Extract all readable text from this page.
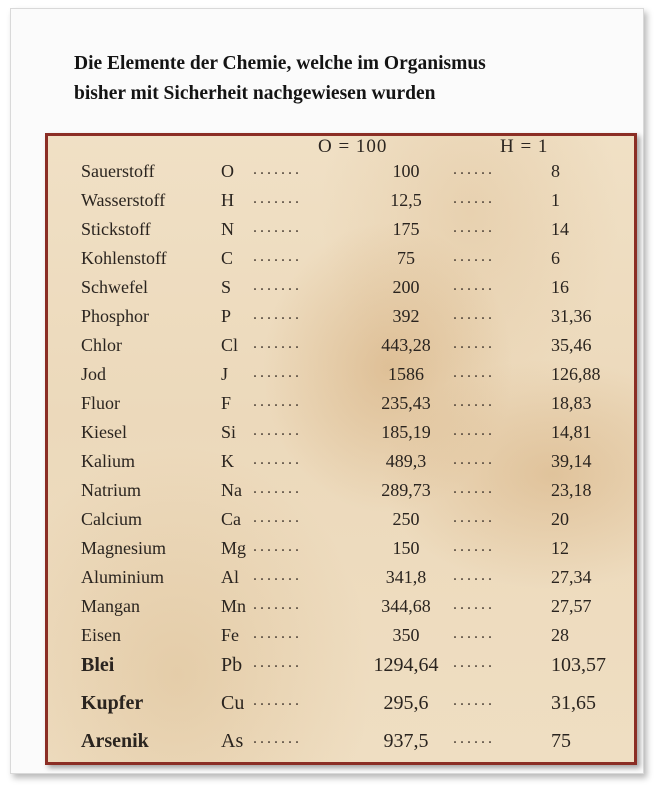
Die Elemente der Chemie, welche im Organismus
bisher mit Sicherheit nachgewiesen wurden
O = 100	H = 1
Sauerstoff	O	100	8
.......	......
Wasserstoff	H	12,5	1
.......	......
Stickstoff	N	175	14
.......	......
Kohlenstoff	C	75	6
.......	......
Schwefel	S	200	16
.......	......
Phosphor	P	392	31,36
.......	......
Chlor	Cl	443,28	35,46
.......	......
Jod	J	1586	126,88
.......	......
Fluor	F	235,43	18,83
.......	......
Kiesel	Si	185,19	14,81
.......	......
Kalium	K	489,3	39,14
.......	......
Natrium	Na	289,73	23,18
.......	......
Calcium	Ca	250	20
.......	......
Magnesium	Mg	150	12
.......	......
Aluminium	Al	341,8	27,34
.......	......
Mangan	Mn	344,68	27,57
.......	......
Eisen	Fe	350	28
.......	......
Blei	Pb	1294,64	103,57
.......	......
Kupfer	Cu	295,6	31,65
.......	......
Arsenik	As	937,5	75
.......	......
